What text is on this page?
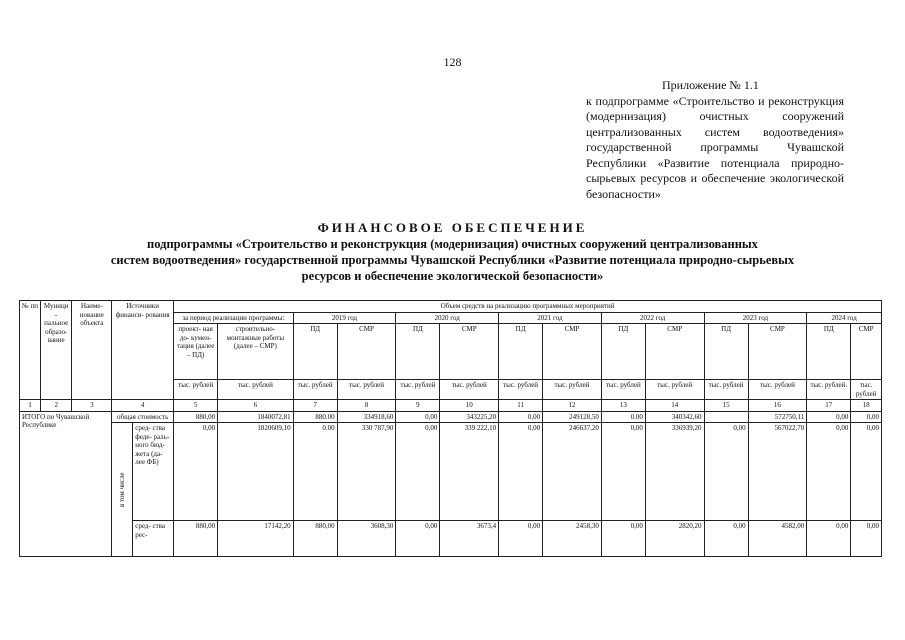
128
Приложение № 1.1
к подпрограмме «Строительство и реконструкция (модернизация) очистных сооружений централизованных систем водоотведения» государственной программы Чувашской Республики «Развитие потенциала природно-сырьевых ресурсов и обеспечение экологической безопасности»
ФИНАНСОВОЕ ОБЕСПЕЧЕНИЕ
подпрограммы «Строительство и реконструкция (модернизация) очистных сооружений централизованных
систем водоотведения» государственной программы Чувашской Республики «Развитие потенциала природно-сырьевых
ресурсов и обеспечение экологической безопасности»
№ пп	Муници- пальное образо- вание	Наиме- нование объекта	Источники финанси- рования		Объем средств на реализацию программных мероприятий													
					за период реализации программы:		2019 год		2020 год		2021 год		2022 год		2023 год		2024 год	
					проект- ная до- кумен- тация (далее – ПД)	строительно- монтажные работы (далее – СМР)	ПД	СМР	ПД	СМР	ПД	СМР	ПД	СМР	ПД	СМР	ПД	СМР
					тыс. рублей	тыс. рублей	тыс. рублей	тыс. рублей	тыс. рублей	тыс. рублей	тыс. рублей	тыс. рублей	тыс. рублей	тыс. рублей	тыс. рублей	тыс. рублей	тыс. рублей.	тыс. рублей
1	2	3	4		5	6	7	8	9	10	11	12	13	14	15	16	17	18
ИТОГО по Чувашской Республике			общая стоимость		880,00	1840072,81	880.00	334918,60	0,00	343225,20	0,00	249128,50	0.00	340342,60		572750,11	0,00	0,00
			в том числе	сред- ства феде- раль- ного бюд- жета (да- лее ФБ)	0,00	1820609,10	0.00	330 787,90	0,00	339 222,10	0,00	246637,20	0,00	336939,20	0,00	567022,70	0,00	0,00
				сред- ства рес-	880,00	17142,20	880,00	3608,30	0,00	3673,4	0,00	2458,30	0,00	2820,20	0,00	4582,00	0,00	0,00
